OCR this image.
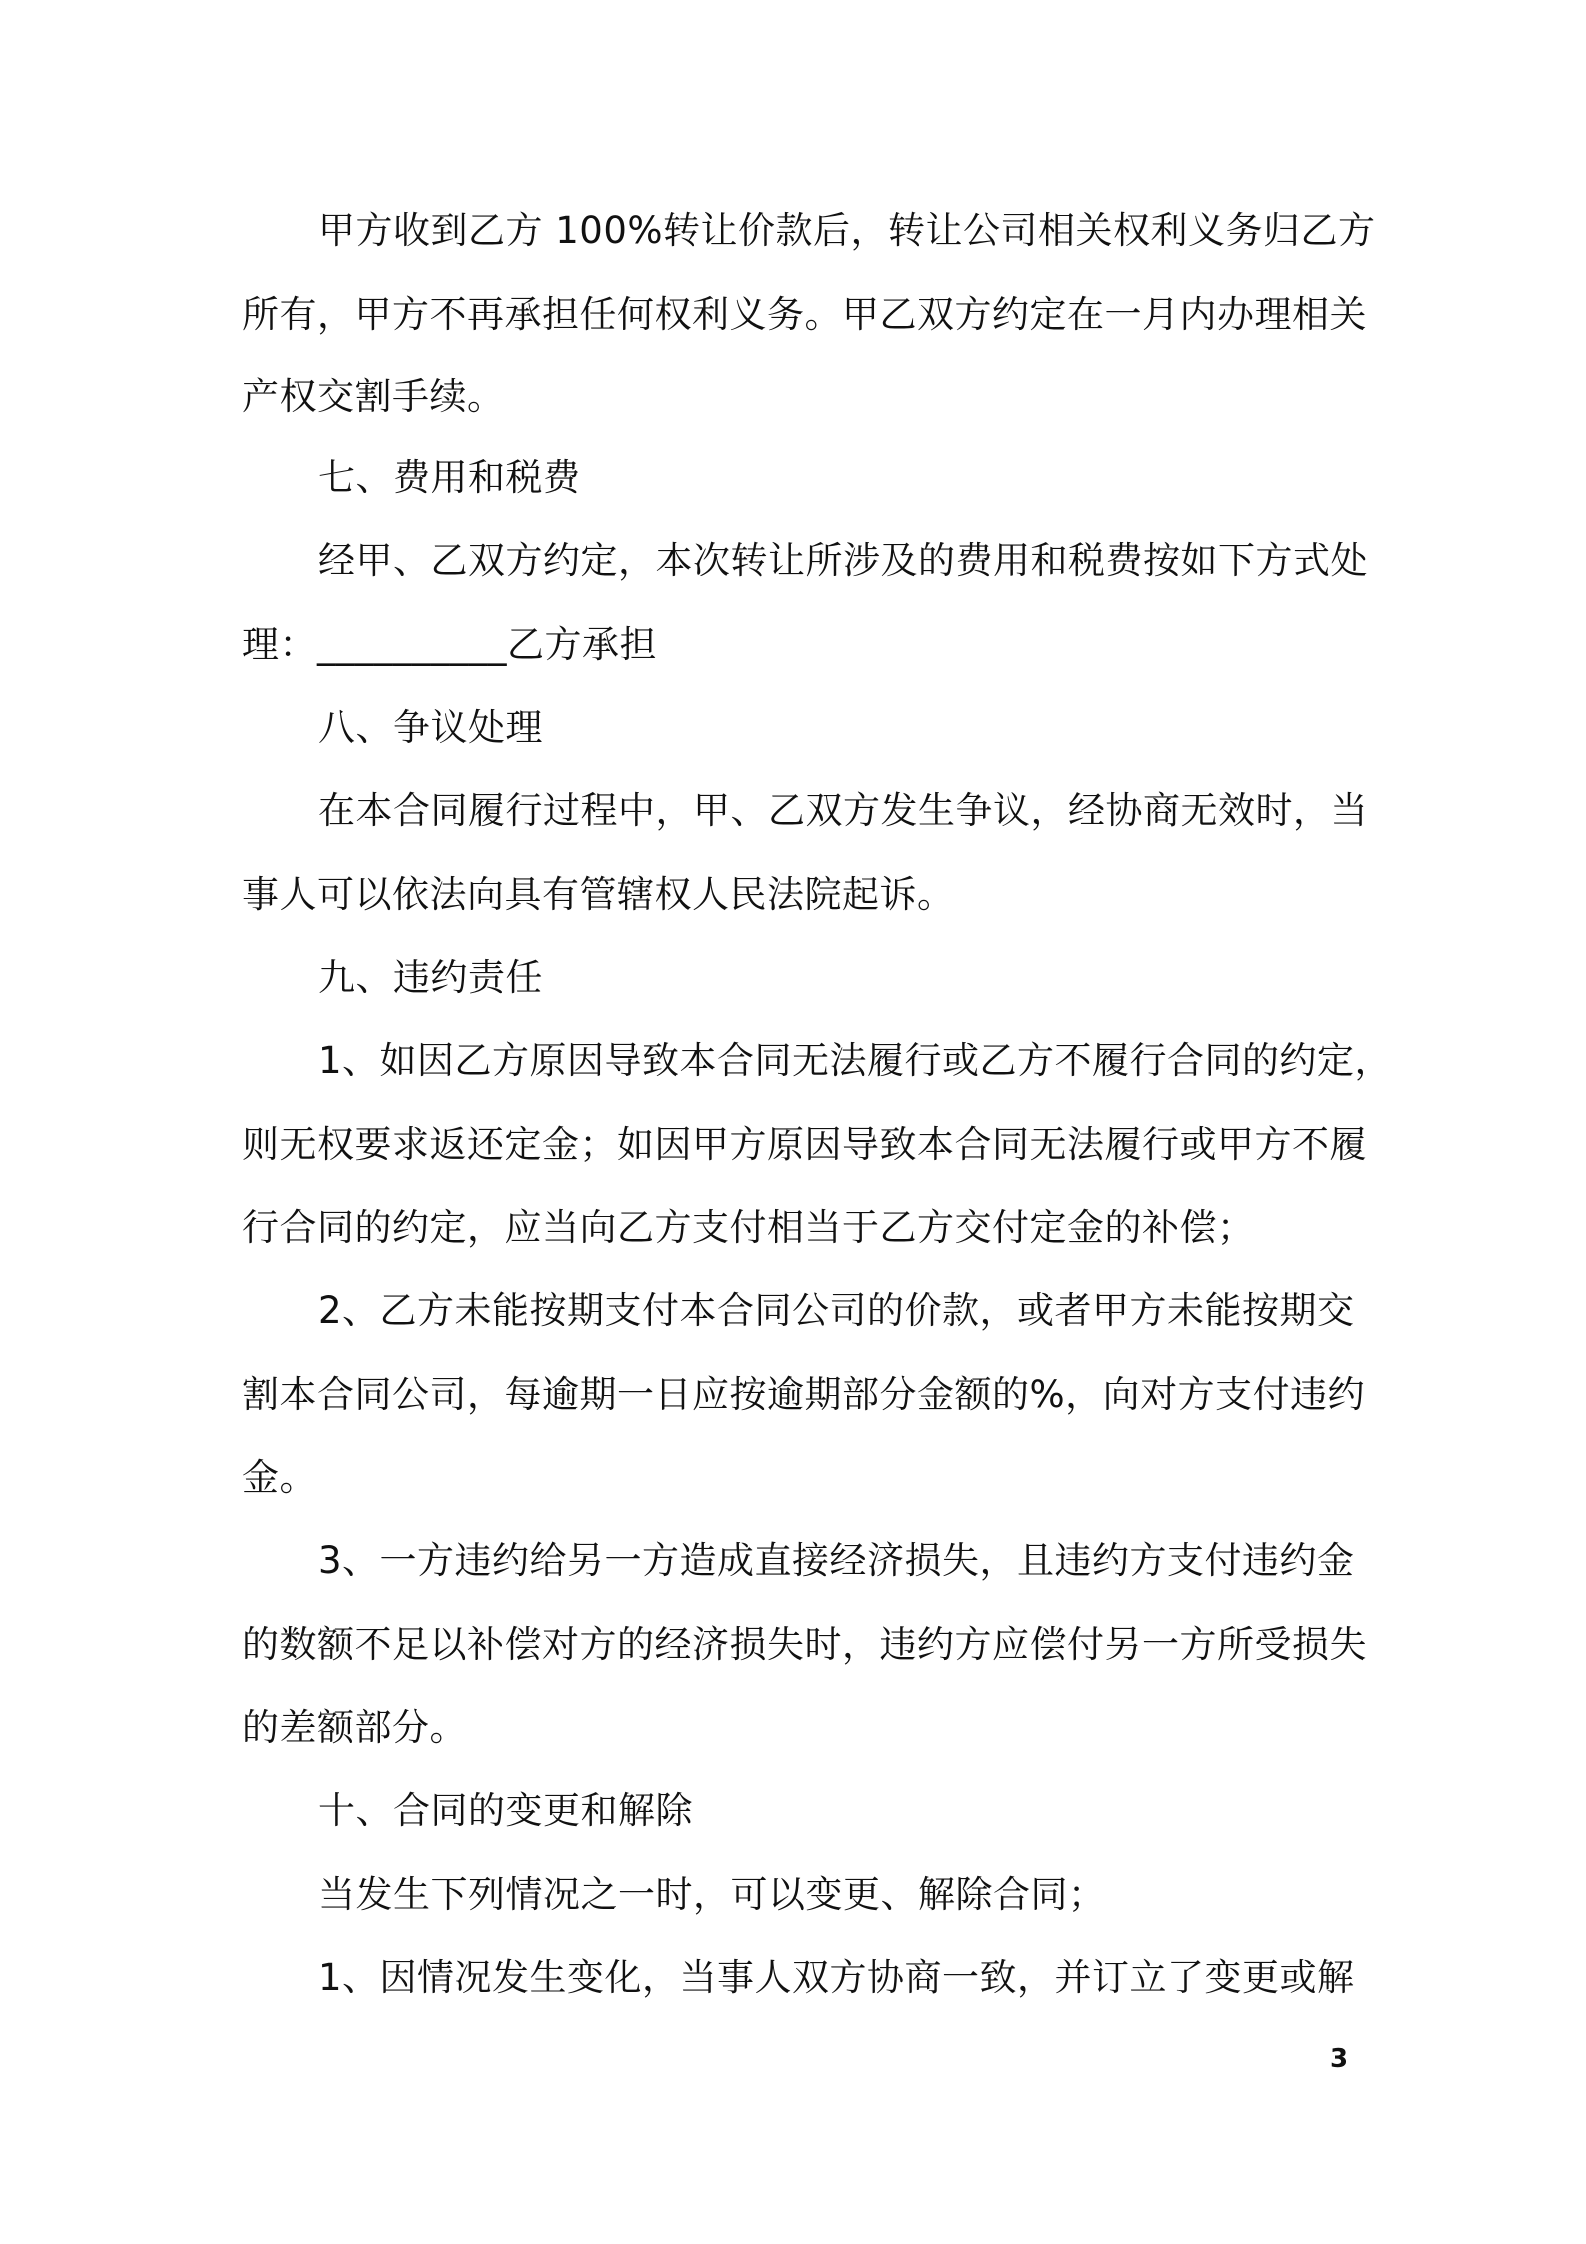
甲方收到乙方 100%转让价款后，转让公司相关权利义务归乙方
所有，甲方不再承担任何权利义务。甲乙双方约定在一月内办理相关
产权交割手续。
七、费用和税费
经甲、乙双方约定，本次转让所涉及的费用和税费按如下方式处
理：__________乙方承担
八、争议处理
在本合同履行过程中，甲、乙双方发生争议，经协商无效时，当
事人可以依法向具有管辖权人民法院起诉。
九、违约责任
1、如因乙方原因导致本合同无法履行或乙方不履行合同的约定，
则无权要求返还定金；如因甲方原因导致本合同无法履行或甲方不履
行合同的约定，应当向乙方支付相当于乙方交付定金的补偿；
2、乙方未能按期支付本合同公司的价款，或者甲方未能按期交
割本合同公司，每逾期一日应按逾期部分金额的%，向对方支付违约
金。
3、一方违约给另一方造成直接经济损失，且违约方支付违约金
的数额不足以补偿对方的经济损失时，违约方应偿付另一方所受损失
的差额部分。
十、合同的变更和解除
当发生下列情况之一时，可以变更、解除合同；
1、因情况发生变化，当事人双方协商一致，并订立了变更或解
3
